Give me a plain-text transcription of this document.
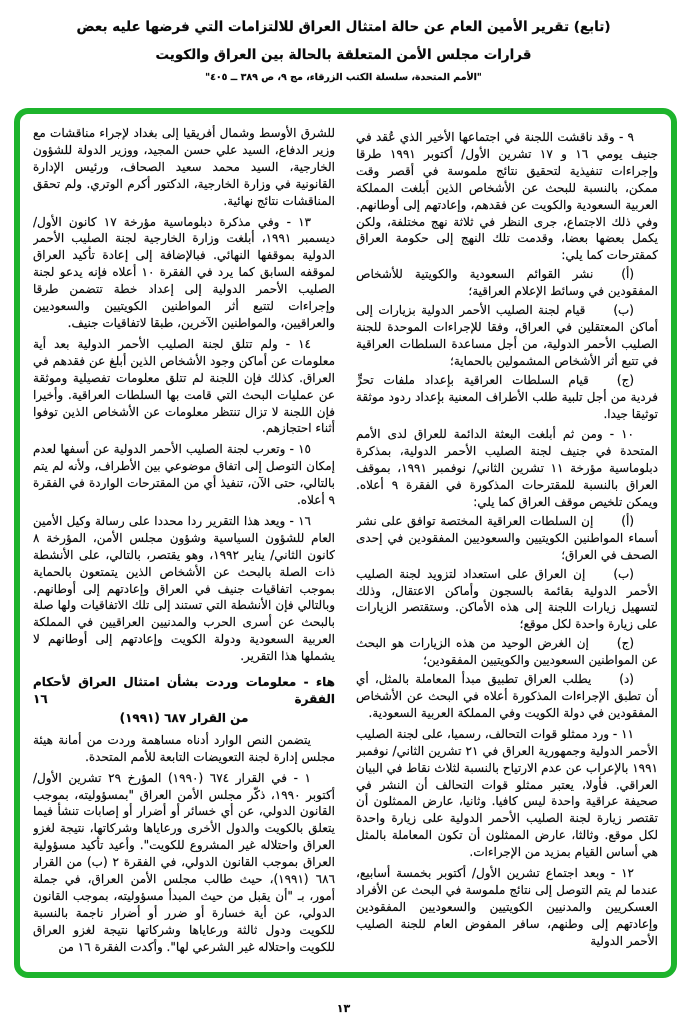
(تابع) تقرير الأمين العام عن حالة امتثال العراق للالتزامات التي فرضها عليه بعض
قرارات مجلس الأمن المتعلقة بالحالة بين العراق والكويت
"الأمم المتحدة، سلسلة الكتب الزرقاء، مج ٩، ص ٣٨٩ ــ ٤٠٥"

٩ - وقد ناقشت اللجنة في اجتماعها الأخير الذي عُقد في جنيف يومي ١٦ و ١٧ تشرين الأول/ أكتوبر ١٩٩١ طرقا وإجراءات تنفيذية لتحقيق نتائج ملموسة في أقصر وقت ممكن، بالنسبة للبحث عن الأشخاص الذين أبلغت المملكة العربية السعودية والكويت عن فقدهم، وإعادتهم إلى أوطانهم. وفي ذلك الاجتماع، جرى النظر في ثلاثة نهج مختلفة، ولكن يكمل بعضها بعضا، وقدمت تلك النهج إلى حكومة العراق كمقترحات كما يلي:

(أ)نشر القوائم السعودية والكويتية للأشخاص المفقودين في وسائط الإعلام العراقية؛

(ب)قيام لجنة الصليب الأحمر الدولية بزيارات إلى أماكن المعتقلين في العراق، وفقا للإجراءات الموحدة للجنة الصليب الأحمر الدولية، من أجل مساعدة السلطات العراقية في تتبع أثر الأشخاص المشمولين بالحماية؛

(ج)قيام السلطات العراقية بإعداد ملفات تحرٍّ فردية من أجل تلبية طلب الأطراف المعنية بإعداد ردود موثقة توثيقا جيدا.

١٠ - ومن ثم أبلغت البعثة الدائمة للعراق لدى الأمم المتحدة في جنيف لجنة الصليب الأحمر الدولية، بمذكرة دبلوماسية مؤرخة ١١ تشرين الثاني/ نوفمبر ١٩٩١، بموقف العراق بالنسبة للمقترحات المذكورة في الفقرة ٩ أعلاه. ويمكن تلخيص موقف العراق كما يلي:

(أ)إن السلطات العراقية المختصة توافق على نشر أسماء المواطنين الكويتيين والسعوديين المفقودين في إحدى الصحف في العراق؛

(ب)إن العراق على استعداد لتزويد لجنة الصليب الأحمر الدولية بقائمة بالسجون وأماكن الاعتقال، وذلك لتسهيل زيارات اللجنة إلى هذه الأماكن. وستقتصر الزيارات على زيارة واحدة لكل موقع؛

(ج)إن الغرض الوحيد من هذه الزيارات هو البحث عن المواطنين السعوديين والكويتيين المفقودين؛

(د)يطلب العراق تطبيق مبدأ المعاملة بالمثل، أي أن تطبق الإجراءات المذكورة أعلاه في البحث عن الأشخاص المفقودين في دولة الكويت وفي المملكة العربية السعودية.

١١ - ورد ممثلو قوات التحالف، رسميا، على لجنة الصليب الأحمر الدولية وجمهورية العراق في ٢١ تشرين الثاني/ نوفمبر ١٩٩١ بالإعراب عن عدم الارتياح بالنسبة لثلاث نقاط في البيان العراقي. فأولا، يعتبر ممثلو قوات التحالف أن النشر في صحيفة عراقية واحدة ليس كافيا. وثانيا، عارض الممثلون أن تقتصر زيارة لجنة الصليب الأحمر الدولية على زيارة واحدة لكل موقع. وثالثا، عارض الممثلون أن تكون المعاملة بالمثل هي أساس القيام بمزيد من الإجراءات.

١٢ - وبعد اجتماع تشرين الأول/ أكتوبر بخمسة أسابيع، عندما لم يتم التوصل إلى نتائج ملموسة في البحث عن الأفراد العسكريين والمدنيين الكويتيين والسعوديين المفقودين وإعادتهم إلى وطنهم، سافر المفوض العام للجنة الصليب الأحمر الدولية

للشرق الأوسط وشمال أفريقيا إلى بغداد لإجراء مناقشات مع وزير الدفاع، السيد علي حسن المجيد، ووزير الدولة للشؤون الخارجية، السيد محمد سعيد الصحاف، ورئيس الإدارة القانونية في وزارة الخارجية، الدكتور أكرم الوتري. ولم تحقق المناقشات نتائج نهائية.

١٣ - وفي مذكرة دبلوماسية مؤرخة ١٧ كانون الأول/ ديسمبر ١٩٩١، أبلغت وزارة الخارجية لجنة الصليب الأحمر الدولية بموقفها النهائي. فبالإضافة إلى إعادة تأكيد العراق لموقفه السابق كما يرد في الفقرة ١٠ أعلاه فإنه يدعو لجنة الصليب الأحمر الدولية إلى إعداد خطة تتضمن طرقا وإجراءات لتتبع أثر المواطنين الكويتيين والسعوديين والعراقيين، والمواطنين الآخرين، طبقا لاتفاقيات جنيف.

١٤ - ولم تتلق لجنة الصليب الأحمر الدولية بعد أية معلومات عن أماكن وجود الأشخاص الذين أبلغ عن فقدهم في العراق. كذلك فإن اللجنة لم تتلق معلومات تفصيلية وموثقة عن عمليات البحث التي قامت بها السلطات العراقية. وأخيرا فإن اللجنة لا تزال تنتظر معلومات عن الأشخاص الذين توفوا أثناء احتجازهم.

١٥ - وتعرب لجنة الصليب الأحمر الدولية عن أسفها لعدم إمكان التوصل إلى اتفاق موضوعي بين الأطراف، ولأنه لم يتم بالتالي، حتى الآن، تنفيذ أي من المقترحات الواردة في الفقرة ٩ أعلاه.

١٦ - ويعد هذا التقرير ردا محددا على رسالة وكيل الأمين العام للشؤون السياسية وشؤون مجلس الأمن، المؤرخة ٨ كانون الثاني/ يناير ١٩٩٢، وهو يقتصر، بالتالي، على الأنشطة ذات الصلة بالبحث عن الأشخاص الذين يتمتعون بالحماية بموجب اتفاقيات جنيف في العراق وإعادتهم إلى أوطانهم. وبالتالي فإن الأنشطة التي تستند إلى تلك الاتفاقيات ولها صلة بالبحث عن أسرى الحرب والمدنيين العراقيين في المملكة العربية السعودية ودولة الكويت وإعادتهم إلى أوطانهم لا يشملها هذا التقرير.

هاء - معلومات وردت بشأن امتثال العراق لأحكام الفقرة ١٦
من القرار ٦٨٧ (١٩٩١)

يتضمن النص الوارد أدناه مساهمة وردت من أمانة هيئة مجلس إدارة لجنة التعويضات التابعة للأمم المتحدة.

١ - في القرار ٦٧٤ (١٩٩٠) المؤرخ ٢٩ تشرين الأول/ أكتوبر ١٩٩٠، ذكّر مجلس الأمن العراق "بمسؤوليته، بموجب القانون الدولي، عن أي خسائر أو أضرار أو إصابات تنشأ فيما يتعلق بالكويت والدول الأخرى ورعاياها وشركاتها، نتيجة لغزو العراق واحتلاله غير المشروع للكويت". وأعيد تأكيد مسؤولية العراق بموجب القانون الدولي، في الفقرة ٢ (ب) من القرار ٦٨٦ (١٩٩١)، حيث طالب مجلس الأمن العراق، في جملة أمور، بـ "أن يقبل من حيث المبدأ مسؤوليته، بموجب القانون الدولي، عن أية خسارة أو ضرر أو أضرار ناجمة بالنسبة للكويت ودول ثالثة ورعاياها وشركاتها نتيجة لغزو العراق للكويت واحتلاله غير الشرعي لها". وأكدت الفقرة ١٦ من

١٣
